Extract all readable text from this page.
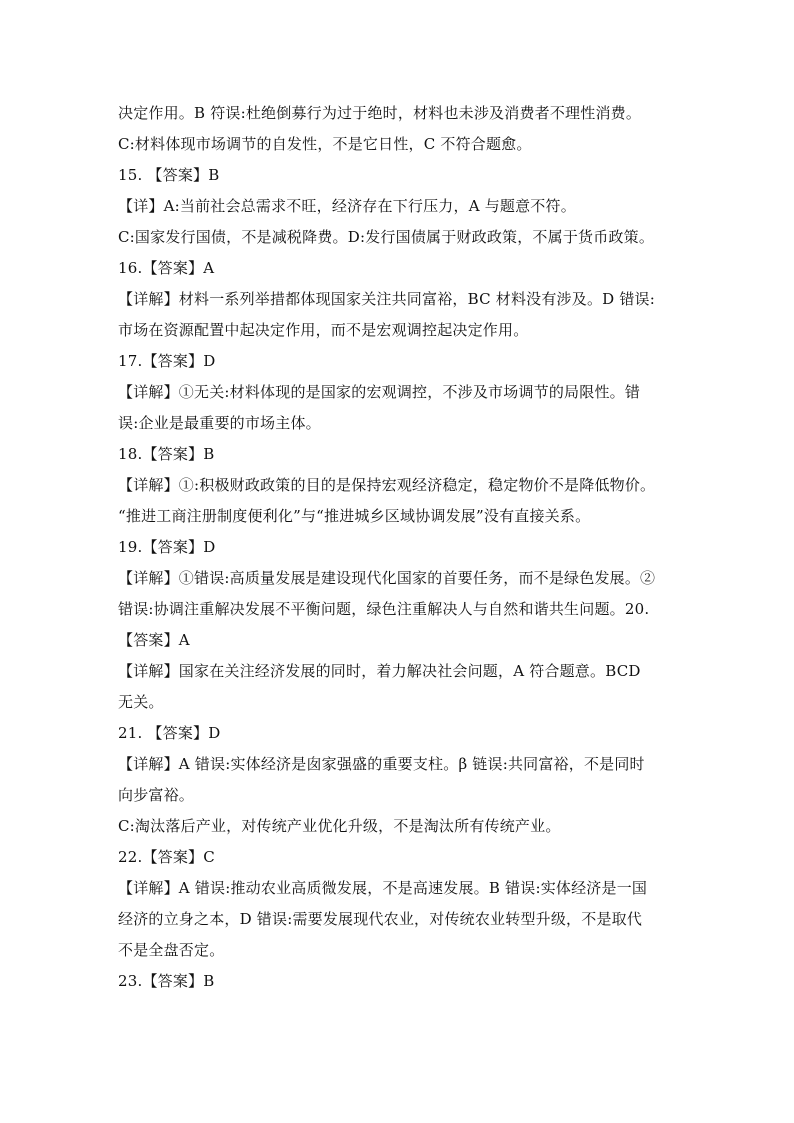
决定作用。B 符误:杜绝倒募行为过于绝时，材料也未涉及消费者不理性消费。
C:材料体现市场调节的自发性，不是它日性，C 不符合题愈。
15. 【答案】B
【详】A:当前社会总需求不旺，经济存在下行压力，A 与题意不符。
C:国家发行国债，不是减税降费。D:发行国债属于财政政策，不属于货币政策。
16.【答案】A
【详解】材料一系列举措都体现国家关注共同富裕，BC 材料没有涉及。D 错误:
市场在资源配置中起决定作用，而不是宏观调控起决定作用。
17.【答案】D
【详解】①无关:材料体现的是国家的宏观调控，不涉及市场调节的局限性。错
误:企业是最重要的市场主体。
18.【答案】B
【详解】①:积极财政政策的目的是保持宏观经济稳定，稳定物价不是降低物价。
“推进工商注册制度便利化”与“推进城乡区域协调发展”没有直接关系。
19.【答案】D
【详解】①错误:高质量发展是建设现代化国家的首要任务，而不是绿色发展。②
错误:协调注重解决发展不平衡问题，绿色注重解决人与自然和谐共生问题。20.
【答案】A
【详解】国家在关注经济发展的同时，着力解决社会问题，A 符合题意。BCD
无关。
21. 【答案】D
【详解】A 错误:实体经济是囱家强盛的重要支柱。β 链误:共同富裕，不是同时
向步富裕。
C:淘汰落后产业，对传统产业优化升级，不是淘汰所有传统产业。
22.【答案】C
【详解】A 错误:推动农业高质微发展，不是高速发展。B 错误:实体经济是一国
经济的立身之本，D 错误:需要发展现代农业，对传统农业转型升级，不是取代
不是全盘否定。
23.【答案】B
